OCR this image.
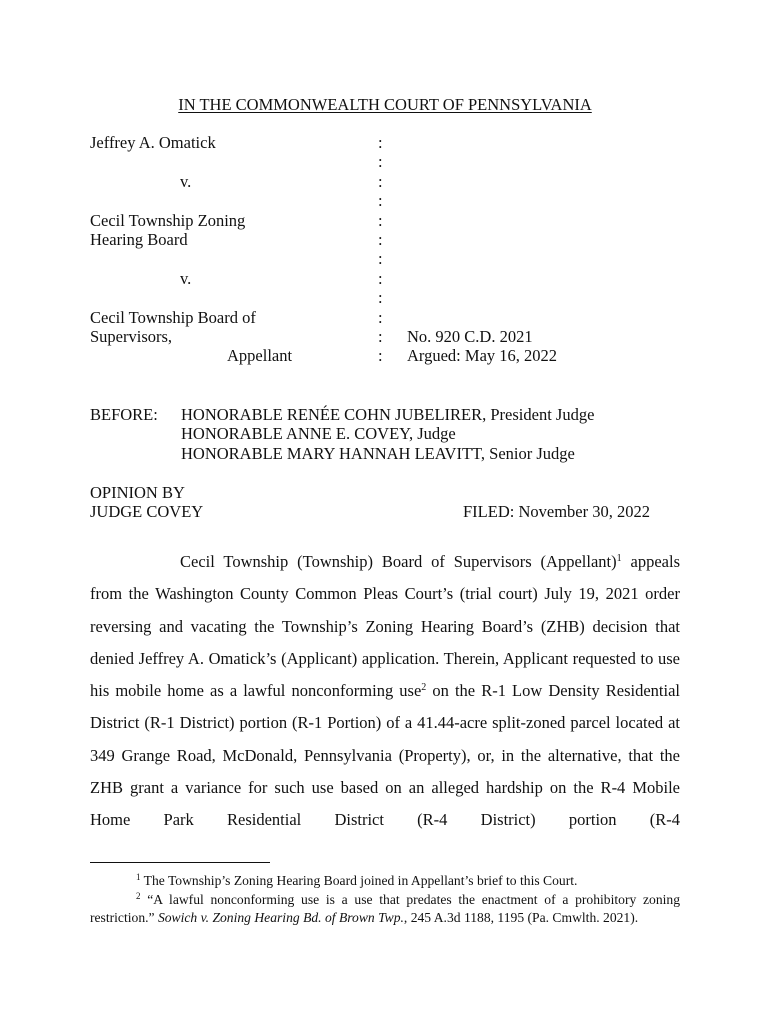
IN THE COMMONWEALTH COURT OF PENNSYLVANIA
Jeffrey A. Omatick
v.
Cecil Township Zoning
Hearing Board
v.
Cecil Township Board of
Supervisors,
Appellant
:
:
:
:
:
:
:
:
:
:
:
:
No. 920 C.D. 2021
Argued: May 16, 2022
BEFORE: HONORABLE RENÉE COHN JUBELIRER, President Judge
HONORABLE ANNE E. COVEY, Judge
HONORABLE MARY HANNAH LEAVITT, Senior Judge
OPINION BY
JUDGE COVEY	FILED: November 30, 2022

Cecil Township (Township) Board of Supervisors (Appellant)$^1$ appeals from the Washington County Common Pleas Court’s (trial court) July 19, 2021 order reversing and vacating the Township’s Zoning Hearing Board’s (ZHB) decision that denied Jeffrey A. Omatick’s (Applicant) application. Therein, Applicant requested to use his mobile home as a lawful nonconforming use$^2$ on the R-1 Low Density Residential District (R-1 District) portion (R-1 Portion) of a 41.44-acre split-zoned parcel located at 349 Grange Road, McDonald, Pennsylvania (Property), or, in the alternative, that the ZHB grant a variance for such use based on an alleged hardship on the R-4 Mobile Home Park Residential District (R-4 District) portion (R-4

$^1$ The Township’s Zoning Hearing Board joined in Appellant’s brief to this Court.

$^2$ “A lawful nonconforming use is a use that predates the enactment of a prohibitory zoning restriction.” Sowich v. Zoning Hearing Bd. of Brown Twp., 245 A.3d 1188, 1195 (Pa. Cmwlth. 2021).
